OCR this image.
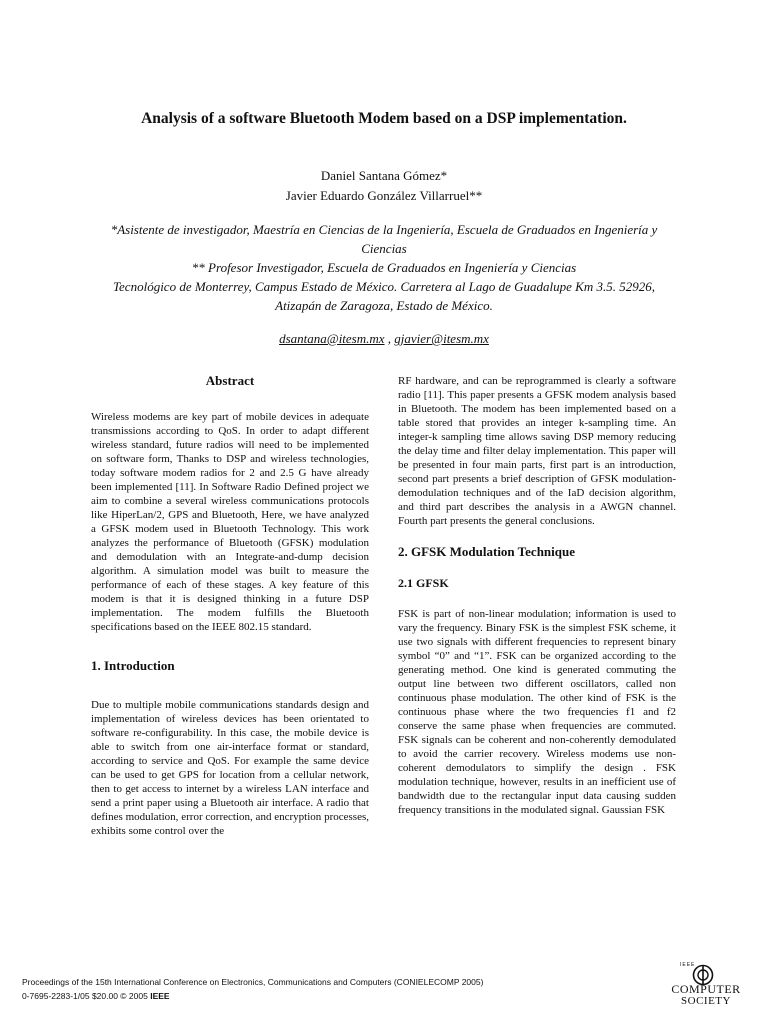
Analysis of a software Bluetooth Modem based on a DSP implementation.
Daniel Santana Gómez*
Javier Eduardo González Villarruel**
*Asistente de investigador, Maestría en Ciencias de la Ingeniería, Escuela de Graduados en Ingeniería y Ciencias
** Profesor Investigador, Escuela de Graduados en Ingeniería y Ciencias
Tecnológico de Monterrey, Campus Estado de México. Carretera al Lago de Guadalupe Km 3.5. 52926, Atizapán de Zaragoza, Estado de México.
dsantana@itesm.mx , gjavier@itesm.mx
Abstract

Wireless modems are key part of mobile devices in adequate transmissions according to QoS. In order to adapt different wireless standard, future radios will need to be implemented on software form, Thanks to DSP and wireless technologies, today software modem radios for 2 and 2.5 G have already been implemented [11]. In Software Radio Defined project we aim to combine a several wireless communications protocols like HiperLan/2, GPS and Bluetooth, Here, we have analyzed a GFSK modem used in Bluetooth Technology. This work analyzes the performance of Bluetooth (GFSK) modulation and demodulation with an Integrate-and-dump decision algorithm. A simulation model was built to measure the performance of each of these stages. A key feature of this modem is that it is designed thinking in a future DSP implementation. The modem fulfills the Bluetooth specifications based on the IEEE 802.15 standard.

1. Introduction

Due to multiple mobile communications standards design and implementation of wireless devices has been orientated to software re-configurability. In this case, the mobile device is able to switch from one air-interface format or standard, according to service and QoS. For example the same device can be used to get GPS for location from a cellular network, then to get access to internet by a wireless LAN interface and send a print paper using a Bluetooth air interface. A radio that defines modulation, error correction, and encryption processes, exhibits some control over the

RF hardware, and can be reprogrammed is clearly a software radio [11]. This paper presents a GFSK modem analysis based in Bluetooth. The modem has been implemented based on a table stored that provides an integer k-sampling time. An integer-k sampling time allows saving DSP memory reducing the delay time and filter delay implementation. This paper will be presented in four main parts, first part is an introduction, second part presents a brief description of GFSK modulation-demodulation techniques and of the IaD decision algorithm, and third part describes the analysis in a AWGN channel. Fourth part presents the general conclusions.

2. GFSK Modulation Technique
2.1 GFSK

FSK is part of non-linear modulation; information is used to vary the frequency. Binary FSK is the simplest FSK scheme, it use two signals with different frequencies to represent binary symbol “0” and “1”. FSK can be organized according to the generating method. One kind is generated commuting the output line between two different oscillators, called non continuous phase modulation. The other kind of FSK is the continuous phase where the two frequencies f1 and f2 conserve the same phase when frequencies are commuted. FSK signals can be coherent and non-coherently demodulated to avoid the carrier recovery. Wireless modems use non-coherent demodulators to simplify the design . FSK modulation technique, however, results in an inefficient use of bandwidth due to the rectangular input data causing sudden frequency transitions in the modulated signal. Gaussian FSK

Proceedings of the 15th International Conference on Electronics, Communications and Computers (CONIELECOMP 2005)
0-7695-2283-1/05 $20.00 © 2005 IEEE
IEEE
COMPUTER
SOCIETY
